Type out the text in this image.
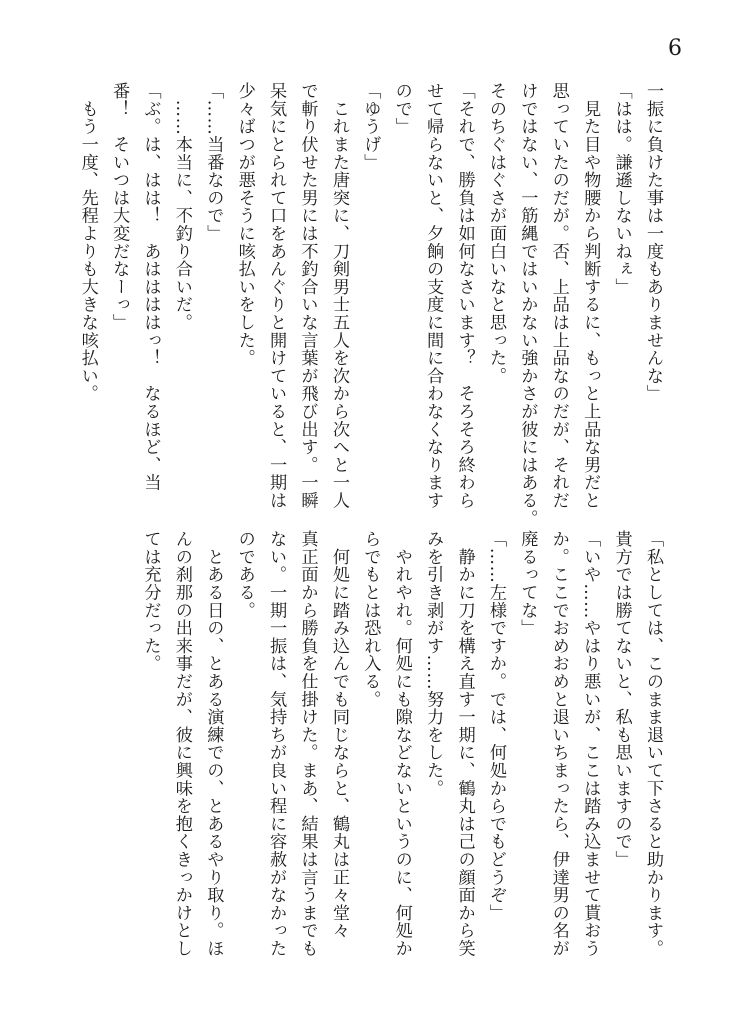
6
一振に負けた事は一度もありませんな」
「はは。謙遜しないねぇ」
　見た目や物腰から判断するに、もっと上品な男だと
思っていたのだが。否、上品は上品なのだが、それだ
けではない、一筋縄ではいかない強かさが彼にはある。
そのちぐはぐさが面白いなと思った。
「それで、勝負は如何なさいます？　そろそろ終わら
せて帰らないと、夕餉の支度に間に合わなくなります
ので」
「ゆうげ」
　これまた唐突に、刀剣男士五人を次から次へと一人
で斬り伏せた男には不釣合いな言葉が飛び出す。一瞬
呆気にとられて口をあんぐりと開けていると、一期は
少々ばつが悪そうに咳払いをした。
「……当番なので」
　……本当に、不釣り合いだ。
「ぶ。は、はは！　あははははっ！　なるほど、当
番！　そいつは大変だなーっ」
　もう一度、先程よりも大きな咳払い。
「私としては、このまま退いて下さると助かります。
貴方では勝てないと、私も思いますので」
「いや……やはり悪いが、ここは踏み込ませて貰おう
か。ここでおめおめと退いちまったら、伊達男の名が
廃るってな」
「……左様ですか。では、何処からでもどうぞ」
　静かに刀を構え直す一期に、鶴丸は己の顔面から笑
みを引き剥がす……努力をした。
　やれやれ。何処にも隙などないというのに、何処か
らでもとは恐れ入る。
　何処に踏み込んでも同じならと、鶴丸は正々堂々
真正面から勝負を仕掛けた。まあ、結果は言うまでも
ない。一期一振は、気持ちが良い程に容赦がなかった
のである。
　とある日の、とある演練での、とあるやり取り。ほ
んの刹那の出来事だが、彼に興味を抱くきっかけとし
ては充分だった。
